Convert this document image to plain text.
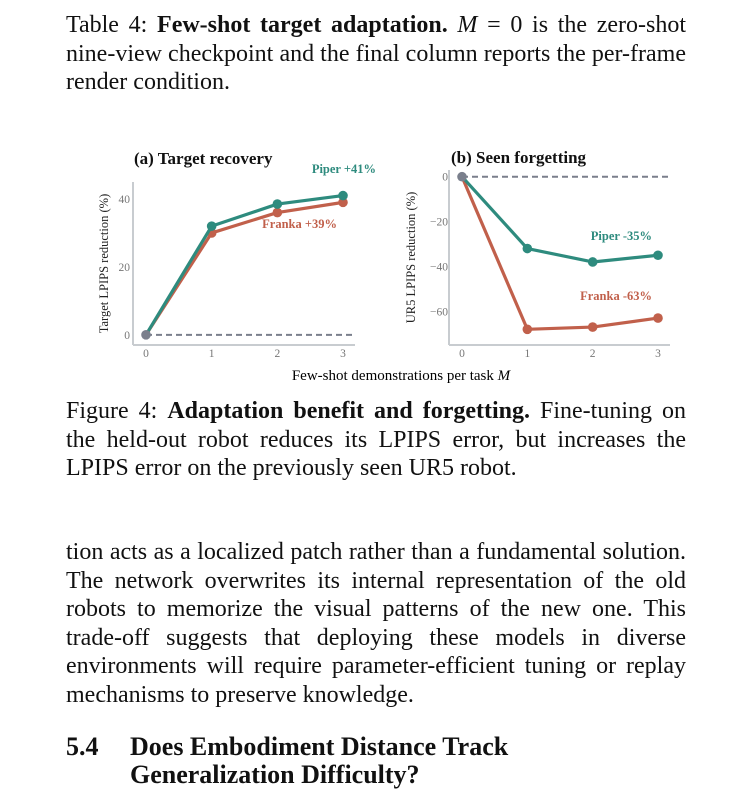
Table 4: Few-shot target adaptation. M = 0 is the zero-shot nine-view checkpoint and the final column reports the per-frame render condition.

(a) Target recovery
Target LPIPS reduction (%)
0
20
40
0	1	2	3
Piper +41%
Franka +39%
(b) Seen forgetting
UR5 LPIPS reduction (%)
0
−20
−40
−60
0	1	2	3
Piper -35%
Franka -63%
Few-shot demonstrations per task M

Figure 4: Adaptation benefit and forgetting. Fine-tuning on the held-out robot reduces its LPIPS error, but increases the LPIPS error on the previously seen UR5 robot.

tion acts as a localized patch rather than a fundamental solution. The network overwrites its internal representation of the old robots to memorize the visual patterns of the new one. This trade-off suggests that deploying these models in diverse environments will require parameter-efficient tuning or replay mechanisms to preserve knowledge.

5.4 Does Embodiment Distance Track
Generalization Difficulty?
